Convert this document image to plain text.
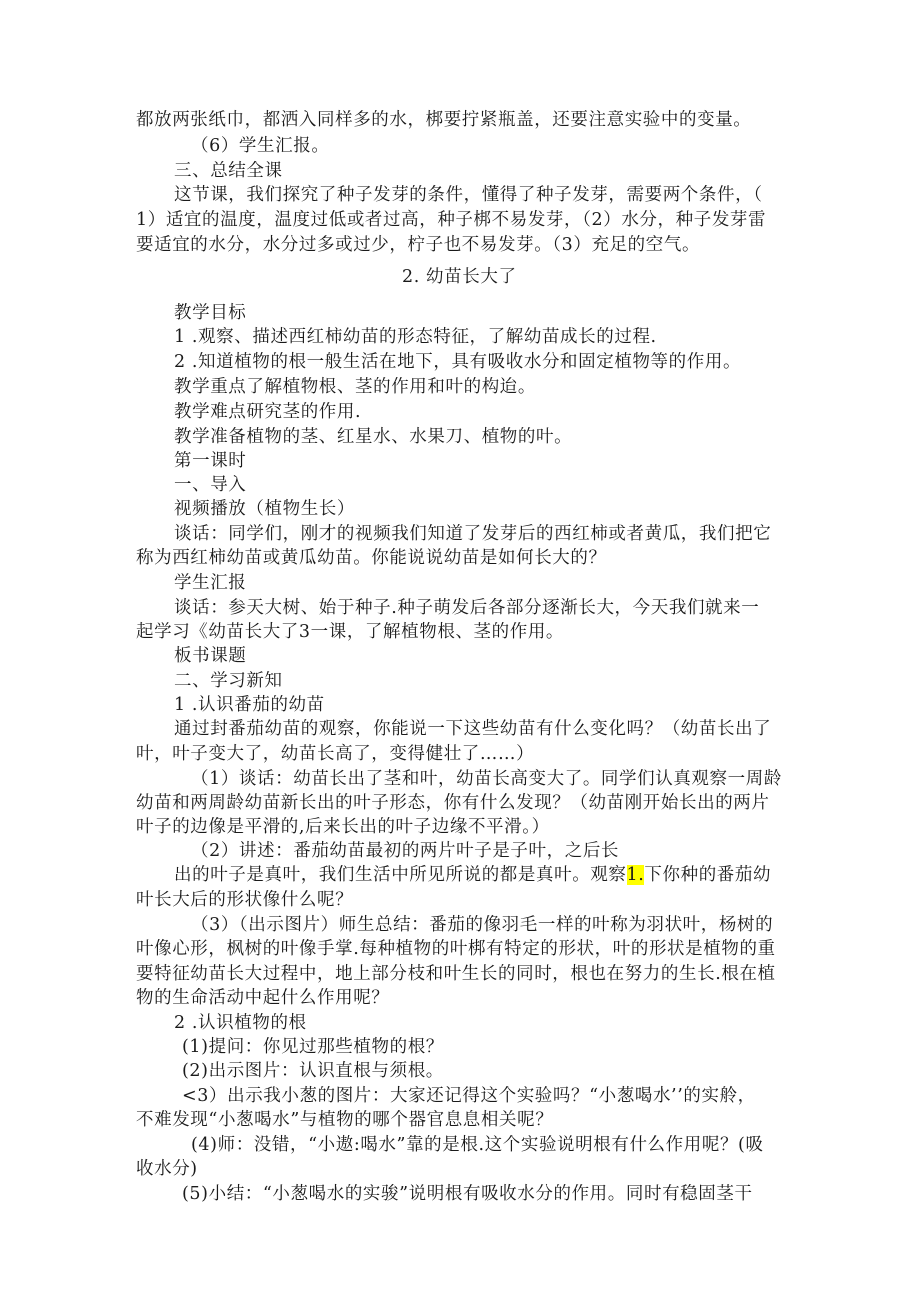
都放两张纸巾，都洒入同样多的水，梆要拧紧瓶盖，还要注意实验中的变量。
（6）学生汇报。
三、总结全课
这节课，我们探究了种子发芽的条件，懂得了种子发芽，需要两个条件，（
1）适宜的温度，温度过低或者过高，种子梆不易发芽，（2）水分，种子发芽雷
要适宜的水分，水分过多或过少，柠子也不易发芽。（3）充足的空气。
2. 幼苗长大了
教学目标
1 .观察、描述西红柿幼苗的形态特征，了解幼苗成长的过程.
2 .知道植物的根一般生活在地下，具有吸收水分和固定植物等的作用。
教学重点了解植物根、茎的作用和叶的构迨。
教学难点研究茎的作用.
教学准备植物的茎、红星水、水果刀、植物的叶。
第一课时
一、导入
视频播放（植物生长）
谈话：同学们，刚才的视频我们知道了发芽后的西红柿或者黄瓜，我们把它
称为西红柿幼苗或黄瓜幼苗。你能说说幼苗是如何长大的？
学生汇报
谈话：参天大树、始于种子.种子萌发后各部分逐渐长大，今天我们就来一
起学习《幼苗长大了3一课，了解植物根、茎的作用。
板书课题
二、学习新知
1 .认识番茄的幼苗
通过封番茄幼苗的观察，你能说一下这些幼苗有什么变化吗？（幼苗长出了
叶，叶子变大了，幼苗长高了，变得健壮了……）
（1）谈话：幼苗长出了茎和叶，幼苗长高变大了。同学们认真观察一周龄
幼苗和两周龄幼苗新长出的叶子形态，你有什么发现？（幼苗刚开始长出的两片
叶子的边像是平滑的,后来长出的叶子边缘不平滑。）
（2）讲述：番茄幼苗最初的两片叶子是子叶，之后长
出的叶子是真叶，我们生活中所见所说的都是真叶。观察1.下你种的番茄幼
叶长大后的形状像什么呢？
（3）（出示图片）师生总结：番茄的像羽毛一样的叶称为羽状叶，杨树的
叶像心形，枫树的叶像手掌.每种植物的叶梆有特定的形状，叶的形状是植物的重
要特征幼苗长大过程中，地上部分枝和叶生长的同时，根也在努力的生长.根在植
物的生命活动中起什么作用呢？
2 .认识植物的根
(1)提问：你见过那些植物的根？
(2)出示图片：认识直根与须根。
<3）出示我小葱的图片：大家还记得这个实验吗？“小葱喝水’’的实舲，
不难发现“小葱喝水”与植物的哪个器官息息相关呢？
(4)师：没错，“小遨:喝水”靠的是根.这个实验说明根有什么作用呢？(吸
收水分)
(5)小结：“小葱喝水的实骏”说明根有吸收水分的作用。同时有稳固茎干
